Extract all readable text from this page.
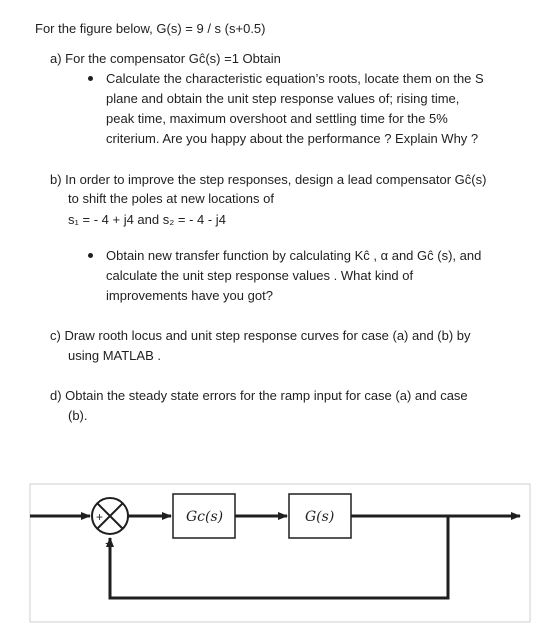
For the figure below, G(s) = 9 / s (s+0.5)
a) For the compensator Gĉ(s) =1 Obtain
Calculate the characteristic equation’s roots, locate them on the S
plane and obtain the unit step response values of; rising time,
peak time, maximum overshoot and settling time for the 5%
criterium. Are you happy about the performance ? Explain Why ?
b) In order to improve the step responses, design a lead compensator Gĉ(s)
to shift the poles at new locations of
s₁ = - 4 + j4 and s₂ = - 4 - j4
Obtain new transfer function by calculating Kĉ , α and Gĉ (s), and
calculate the unit step response values . What kind of
improvements have you got?
c) Draw rooth locus and unit step response curves for case (a) and (b) by
using MATLAB .
d) Obtain the steady state errors for the ramp input for case (a) and case
(b).
+
−
Gc(s)	G(s)
